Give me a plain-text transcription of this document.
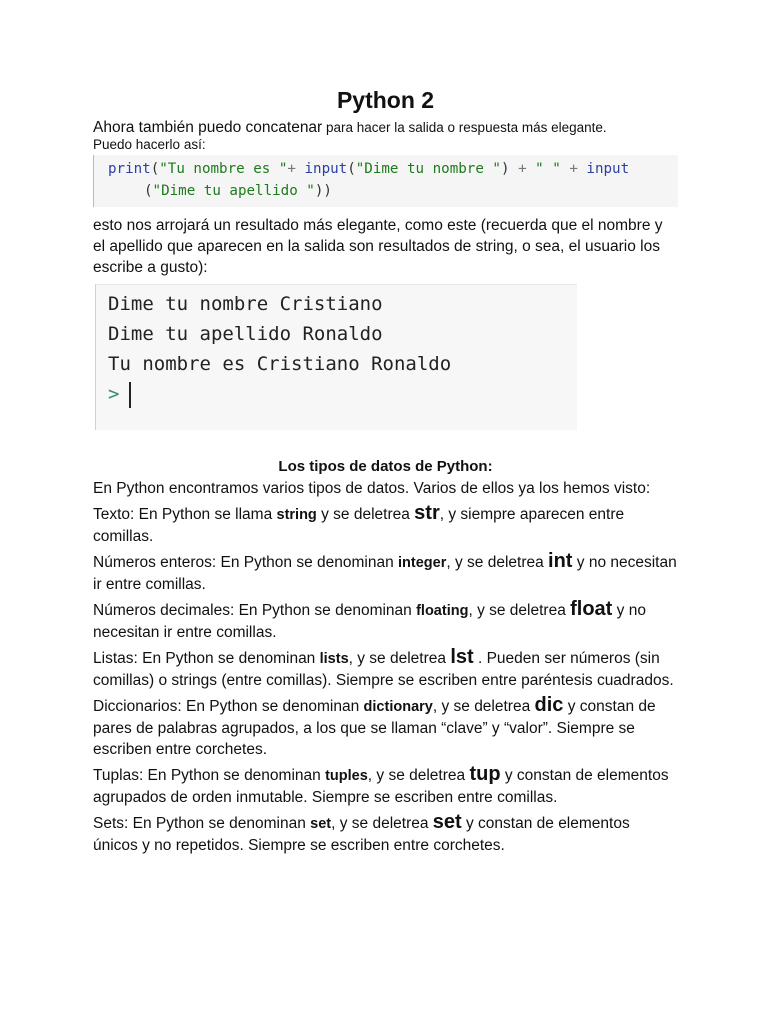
Python 2
Ahora también puedo concatenar para hacer la salida o respuesta más elegante.
Puedo hacerlo así:
print("Tu nombre es "+ input("Dime tu nombre ") + " " + input
("Dime tu apellido "))
esto nos arrojará un resultado más elegante, como este (recuerda que el nombre y el apellido que aparecen en la salida son resultados de string, o sea, el usuario los escribe a gusto):
Dime tu nombre Cristiano
Dime tu apellido Ronaldo
Tu nombre es Cristiano Ronaldo
>
Los tipos de datos de Python:

En Python encontramos varios tipos de datos. Varios de ellos ya los hemos visto:

Texto: En Python se llama string y se deletrea str, y siempre aparecen entre comillas.

Números enteros: En Python se denominan integer, y se deletrea int y no necesitan ir entre comillas.

Números decimales: En Python se denominan floating, y se deletrea float y no necesitan ir entre comillas.

Listas: En Python se denominan lists, y se deletrea lst . Pueden ser números (sin comillas) o strings (entre comillas). Siempre se escriben entre paréntesis cuadrados.

Diccionarios: En Python se denominan dictionary, y se deletrea dic y constan de pares de palabras agrupados, a los que se llaman “clave” y “valor”. Siempre se escriben entre corchetes.

Tuplas: En Python se denominan tuples, y se deletrea tup y constan de elementos agrupados de orden inmutable. Siempre se escriben entre comillas.

Sets: En Python se denominan set, y se deletrea set y constan de elementos únicos y no repetidos. Siempre se escriben entre corchetes.
